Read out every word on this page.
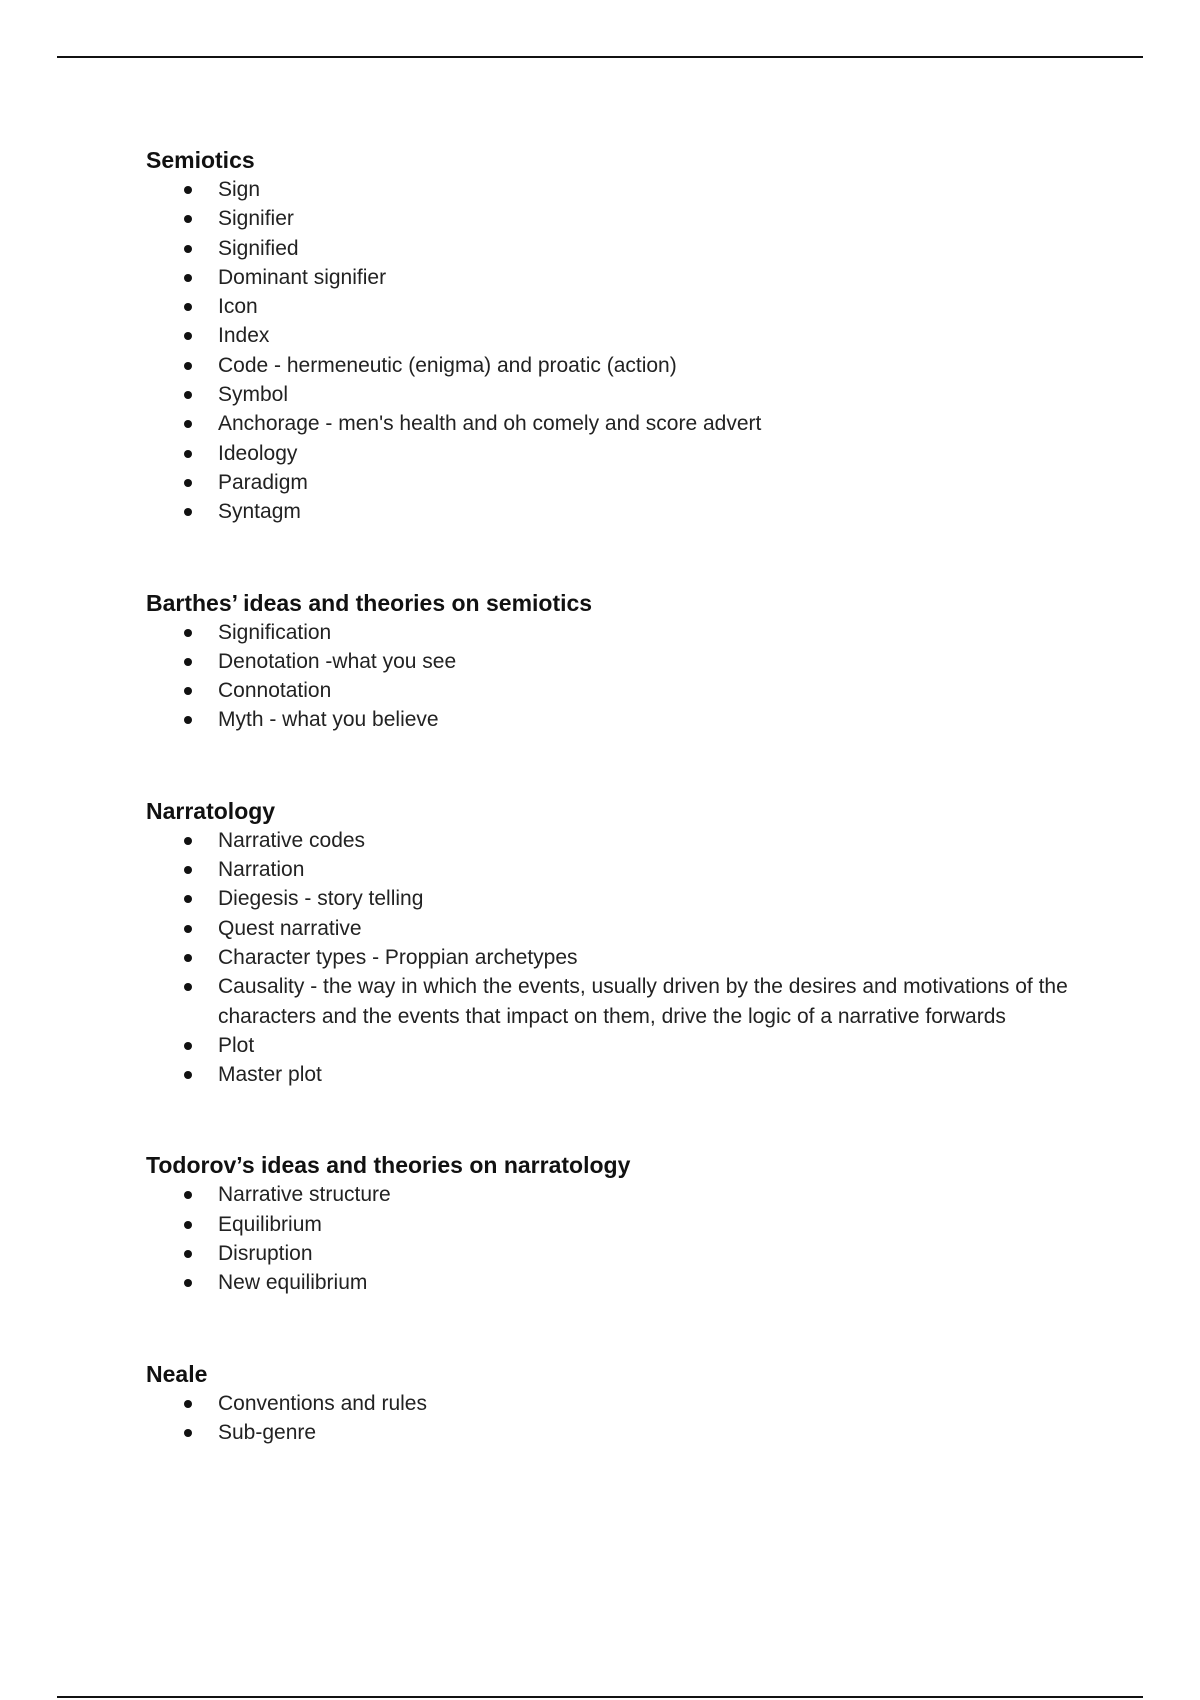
Semiotics
Sign
Signifier
Signified
Dominant signifier
Icon
Index
Code - hermeneutic (enigma) and proatic (action)
Symbol
Anchorage - men's health and oh comely and score advert
Ideology
Paradigm
Syntagm
Barthes’ ideas and theories on semiotics
Signification
Denotation -what you see
Connotation
Myth - what you believe
Narratology
Narrative codes
Narration
Diegesis - story telling
Quest narrative
Character types - Proppian archetypes
Causality - the way in which the events, usually driven by the desires and motivations of the characters and the events that impact on them, drive the logic of a narrative forwards
Plot
Master plot
Todorov’s ideas and theories on narratology
Narrative structure
Equilibrium
Disruption
New equilibrium
Neale
Conventions and rules
Sub-genre
